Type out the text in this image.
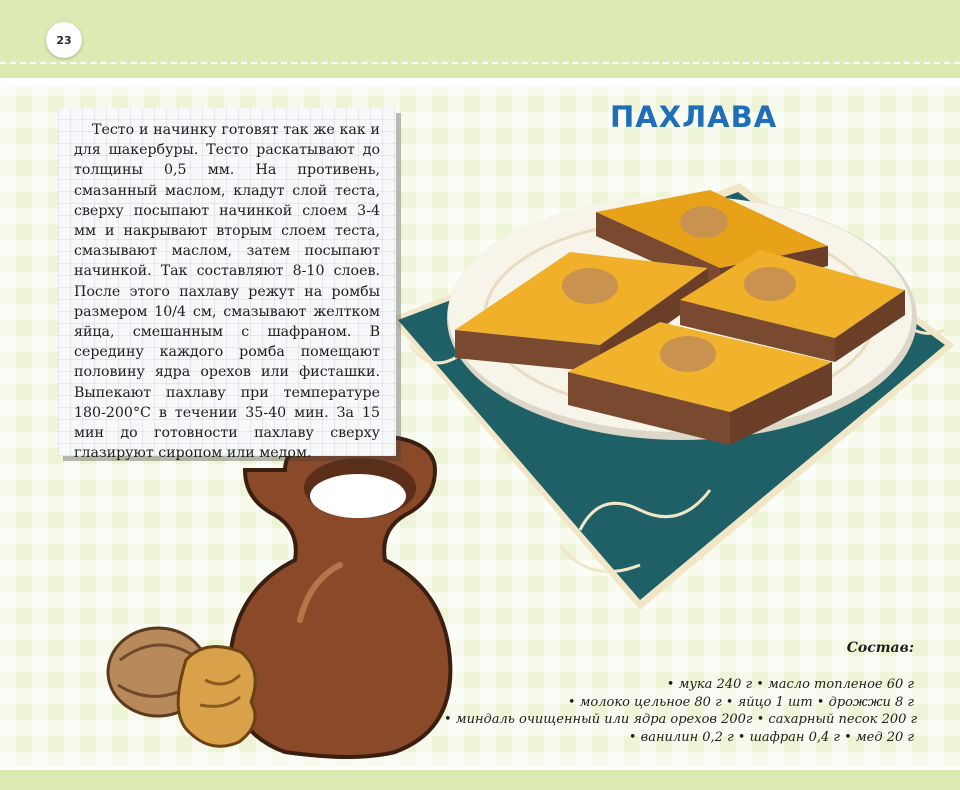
23
ПАХЛАВА

Тесто и начинку готовят так же как и для шакербуры. Тесто раскатывают до толщины 0,5 мм. На противень, смазанный маслом, кладут слой теста, сверху посыпают начинкой слоем 3-4 мм и накрывают вторым слоем теста, смазывают маслом, затем посыпают начинкой. Так составляют 8-10 слоев. После этого пахлаву режут на ромбы размером 10/4 см, смазывают желтком яйца, смешанным с шафраном. В середину каждого ромба помещают половину ядра орехов или фисташки. Выпекают пахлаву при температуре 180-200°С в течении 35-40 мин. За 15 мин до готовности пахлаву сверху глазируют сиропом или медом.

Состав:
• мука 240 г • масло топленое 60 г
• молоко цельное 80 г • яйцо 1 шт • дрожжи 8 г
• миндаль очищенный или ядра орехов 200г • сахарный песок 200 г
• ванилин 0,2 г • шафран 0,4 г • мед 20 г
